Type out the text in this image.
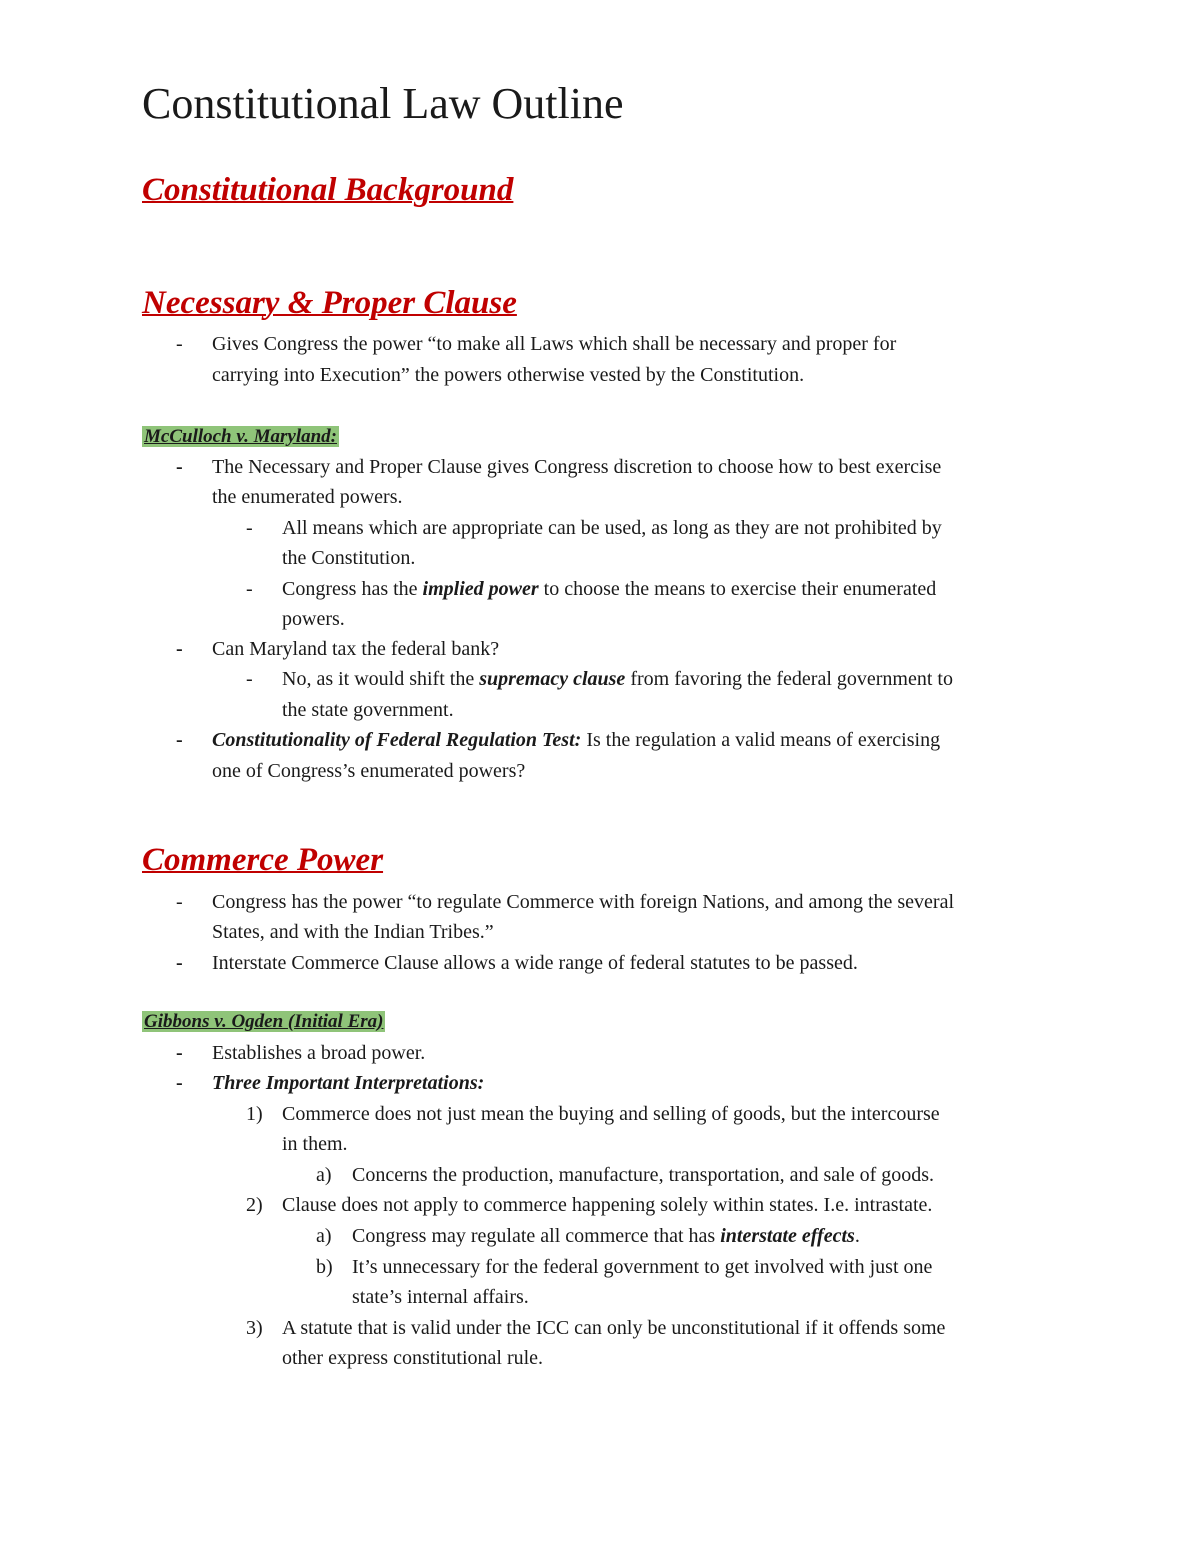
Constitutional Law Outline
Constitutional Background
Necessary & Proper Clause
- Gives Congress the power “to make all Laws which shall be necessary and proper for
carrying into Execution” the powers otherwise vested by the Constitution.
McCulloch v. Maryland:
- The Necessary and Proper Clause gives Congress discretion to choose how to best exercise
the enumerated powers.
- All means which are appropriate can be used, as long as they are not prohibited by
the Constitution.
- Congress has the implied power to choose the means to exercise their enumerated
powers.
- Can Maryland tax the federal bank?
- No, as it would shift the supremacy clause from favoring the federal government to
the state government.
- Constitutionality of Federal Regulation Test: Is the regulation a valid means of exercising
one of Congress’s enumerated powers?
Commerce Power
- Congress has the power “to regulate Commerce with foreign Nations, and among the several
States, and with the Indian Tribes.”
- Interstate Commerce Clause allows a wide range of federal statutes to be passed.
Gibbons v. Ogden (Initial Era)
- Establishes a broad power.
- Three Important Interpretations:
1) Commerce does not just mean the buying and selling of goods, but the intercourse
in them.
a) Concerns the production, manufacture, transportation, and sale of goods.
2) Clause does not apply to commerce happening solely within states. I.e. intrastate.
a) Congress may regulate all commerce that has interstate effects.
b) It’s unnecessary for the federal government to get involved with just one
state’s internal affairs.
3) A statute that is valid under the ICC can only be unconstitutional if it offends some
other express constitutional rule.
